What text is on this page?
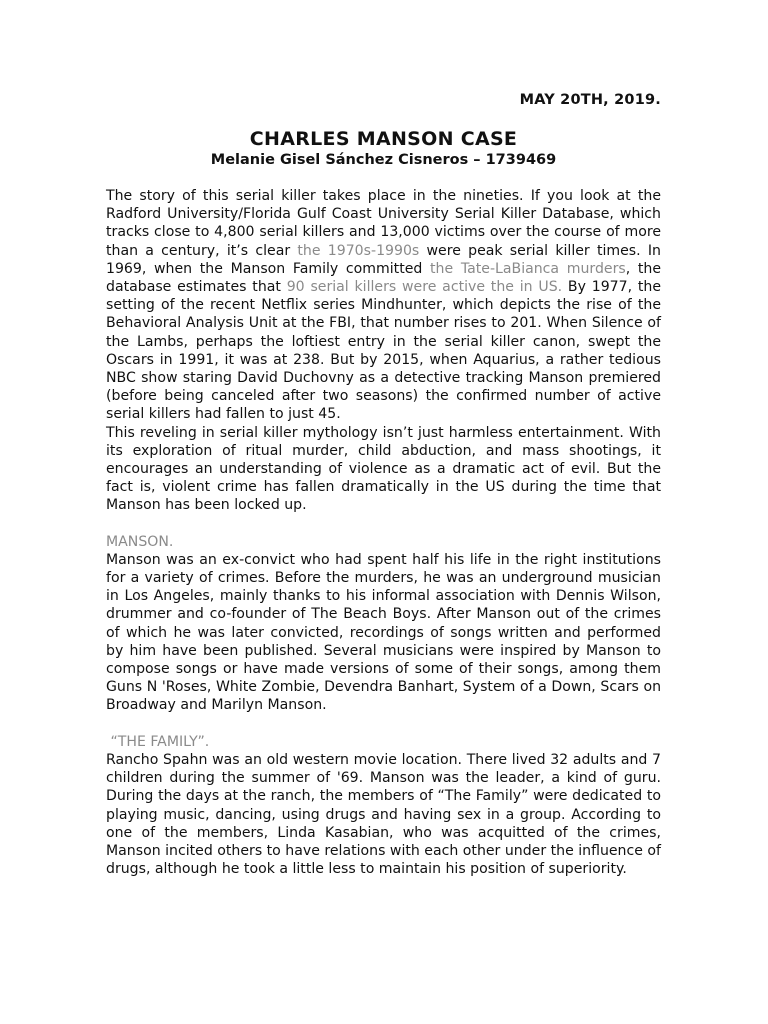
MAY 20TH, 2019.
CHARLES MANSON CASE
Melanie Gisel Sánchez Cisneros – 1739469

The story of this serial killer takes place in the nineties. If you look at the Radford University/Florida Gulf Coast University Serial Killer Database, which tracks close to 4,800 serial killers and 13,000 victims over the course of more than a century, it’s clear the 1970s-1990s were peak serial killer times. In 1969, when the Manson Family committed the Tate-LaBianca murders, the database estimates that 90 serial killers were active the in US. By 1977, the setting of the recent Netflix series Mindhunter, which depicts the rise of the Behavioral Analysis Unit at the FBI, that number rises to 201. When Silence of the Lambs, perhaps the loftiest entry in the serial killer canon, swept the Oscars in 1991, it was at 238. But by 2015, when Aquarius, a rather tedious NBC show staring David Duchovny as a detective tracking Manson premiered (before being canceled after two seasons) the confirmed number of active serial killers had fallen to just 45.

This reveling in serial killer mythology isn’t just harmless entertainment. With its exploration of ritual murder, child abduction, and mass shootings, it encourages an understanding of violence as a dramatic act of evil. But the fact is, violent crime has fallen dramatically in the US during the time that Manson has been locked up.

MANSON.

Manson was an ex-convict who had spent half his life in the right institutions for a variety of crimes. Before the murders, he was an underground musician in Los Angeles, mainly thanks to his informal association with Dennis Wilson, drummer and co-founder of The Beach Boys. After Manson out of the crimes of which he was later convicted, recordings of songs written and performed by him have been published. Several musicians were inspired by Manson to compose songs or have made versions of some of their songs, among them Guns N 'Roses, White Zombie, Devendra Banhart, System of a Down, Scars on Broadway and Marilyn Manson.

“THE FAMILY”.

Rancho Spahn was an old western movie location. There lived 32 adults and 7 children during the summer of '69. Manson was the leader, a kind of guru. During the days at the ranch, the members of “The Family” were dedicated to playing music, dancing, using drugs and having sex in a group. According to one of the members, Linda Kasabian, who was acquitted of the crimes, Manson incited others to have relations with each other under the influence of drugs, although he took a little less to maintain his position of superiority.
